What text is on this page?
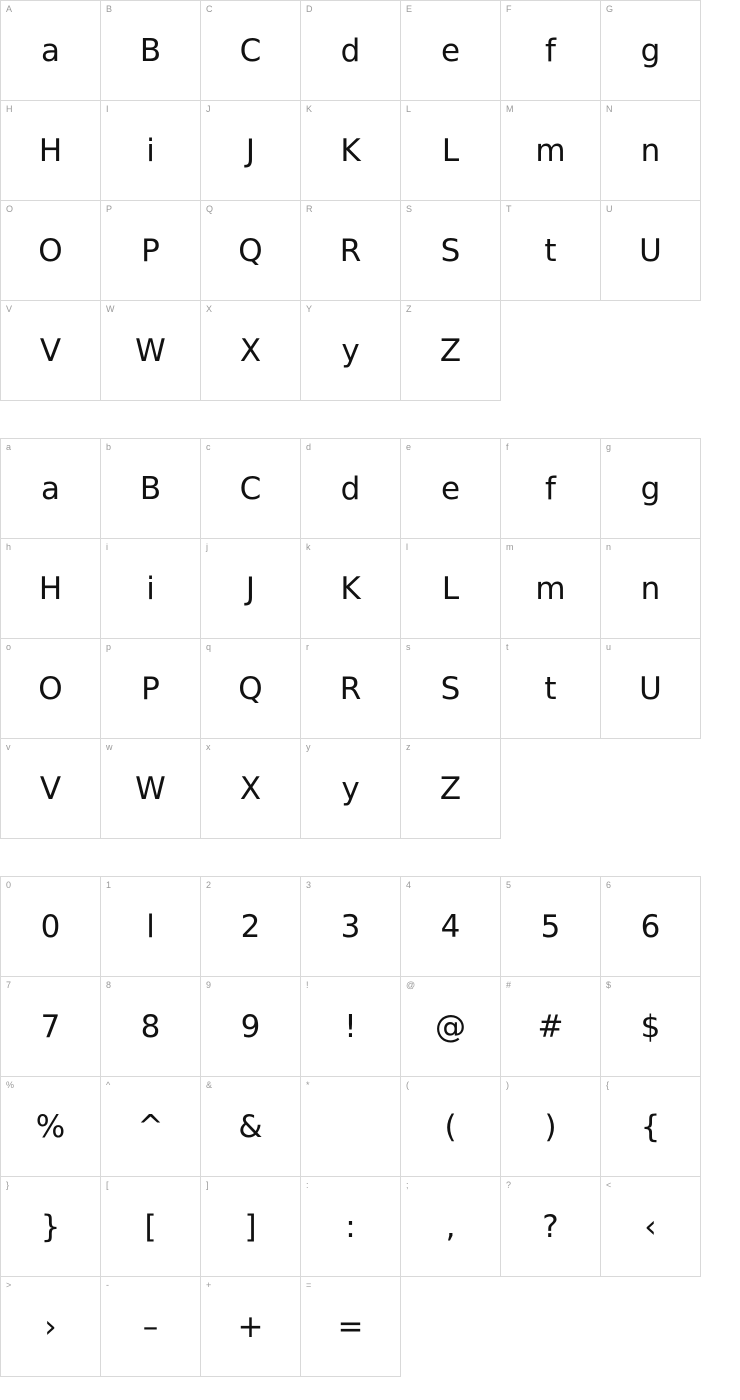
A
a
B
B
C
C
D
d
E
e
F
f
G
g
H
H
I
i
J
J
K
K
L
L
M
m
N
n
O
O
P
P
Q
Q
R
R
S
S
T
t
U
U
V
V
W
W
X
X
Y
y
Z
Z
a
a
b
B
c
C
d
d
e
e
f
f
g
g
h
H
i
i
j
J
k
K
l
L
m
m
n
n
o
O
p
P
q
Q
r
R
s
S
t
t
u
U
v
V
w
W
x
X
y
y
z
Z
0
0
1
l
2
2
3
3
4
4
5
5
6
6
7
7
8
8
9
9
!
!
@
@
#
#
$
$
%
%
^
^
&
&
*	(
(
)
)
{
{
}
}
[
[
]
]
:
:
;
,
?
?
<
‹
>
›
-
–
+
+
=
=
